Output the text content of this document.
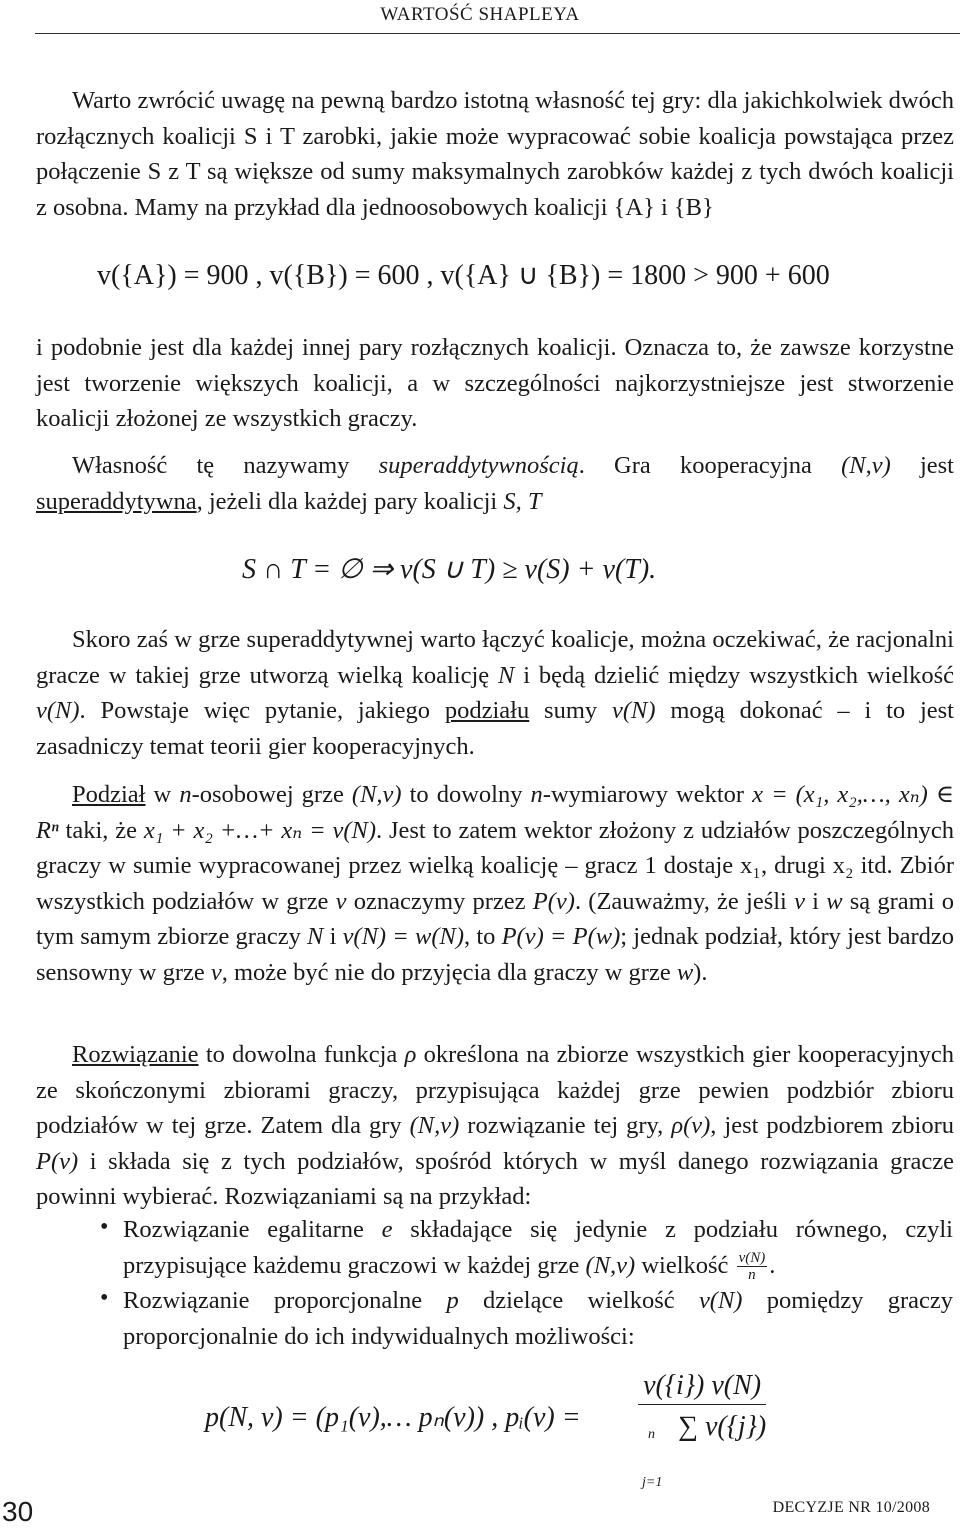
WARTOŚĆ SHAPLEYA

Warto zwrócić uwagę na pewną bardzo istotną własność tej gry: dla jakichkolwiek dwóch rozłącznych koalicji S i T zarobki, jakie może wypracować sobie koalicja powstająca przez połączenie S z T są większe od sumy maksymalnych zarobków każdej z tych dwóch koalicji z osobna. Mamy na przykład dla jednoosobowych koalicji {A} i {B}

v({A}) = 900 , v({B}) = 600 , v({A} ∪ {B}) = 1800 > 900 + 600

i podobnie jest dla każdej innej pary rozłącznych koalicji. Oznacza to, że zawsze korzystne jest tworzenie większych koalicji, a w szczególności najkorzystniejsze jest stworzenie koalicji złożonej ze wszystkich graczy.

Własność tę nazywamy superaddytywnością. Gra kooperacyjna (N,v) jest superaddytywna, jeżeli dla każdej pary koalicji S, T

S ∩ T = ∅ ⇒ v(S ∪ T) ≥ v(S) + v(T).

Skoro zaś w grze superaddytywnej warto łączyć koalicje, można oczekiwać, że racjonalni gracze w takiej grze utworzą wielką koalicję N i będą dzielić między wszystkich wielkość v(N). Powstaje więc pytanie, jakiego podziału sumy v(N) mogą dokonać – i to jest zasadniczy temat teorii gier kooperacyjnych.

Podział w n-osobowej grze (N,v) to dowolny n-wymiarowy wektor x = (x₁, x₂,…, xₙ) ∈ Rⁿ taki, że x₁ + x₂ +…+ xₙ = v(N). Jest to zatem wektor złożony z udziałów poszczególnych graczy w sumie wypracowanej przez wielką koalicję – gracz 1 dostaje x₁, drugi x₂ itd. Zbiór wszystkich podziałów w grze v oznaczymy przez P(v). (Zauważmy, że jeśli v i w są grami o tym samym zbiorze graczy N i v(N) = w(N), to P(v) = P(w); jednak podział, który jest bardzo sensowny w grze v, może być nie do przyjęcia dla graczy w grze w).

Rozwiązanie to dowolna funkcja ρ określona na zbiorze wszystkich gier kooperacyjnych ze skończonymi zbiorami graczy, przypisująca każdej grze pewien podzbiór zbioru podziałów w tej grze. Zatem dla gry (N,v) rozwiązanie tej gry, ρ(v), jest podzbiorem zbioru P(v) i składa się z tych podziałów, spośród których w myśl danego rozwiązania gracze powinni wybierać. Rozwiązaniami są na przykład:

• Rozwiązanie egalitarne e składające się jedynie z podziału równego, czyli przypisujące każdemu graczowi w każdej grze (N,v) wielkość $\frac{v(N)}{n}$ .

• Rozwiązanie proporcjonalne p dzielące wielkość v(N) pomiędzy graczy proporcjonalnie do ich indywidualnych możliwości:

p(N, v) = (p₁(v),… pₙ(v)) , pᵢ(v) = v({i}) v(N)
n
j=1
∑ v({j})
30	DECYZJE NR 10/2008
